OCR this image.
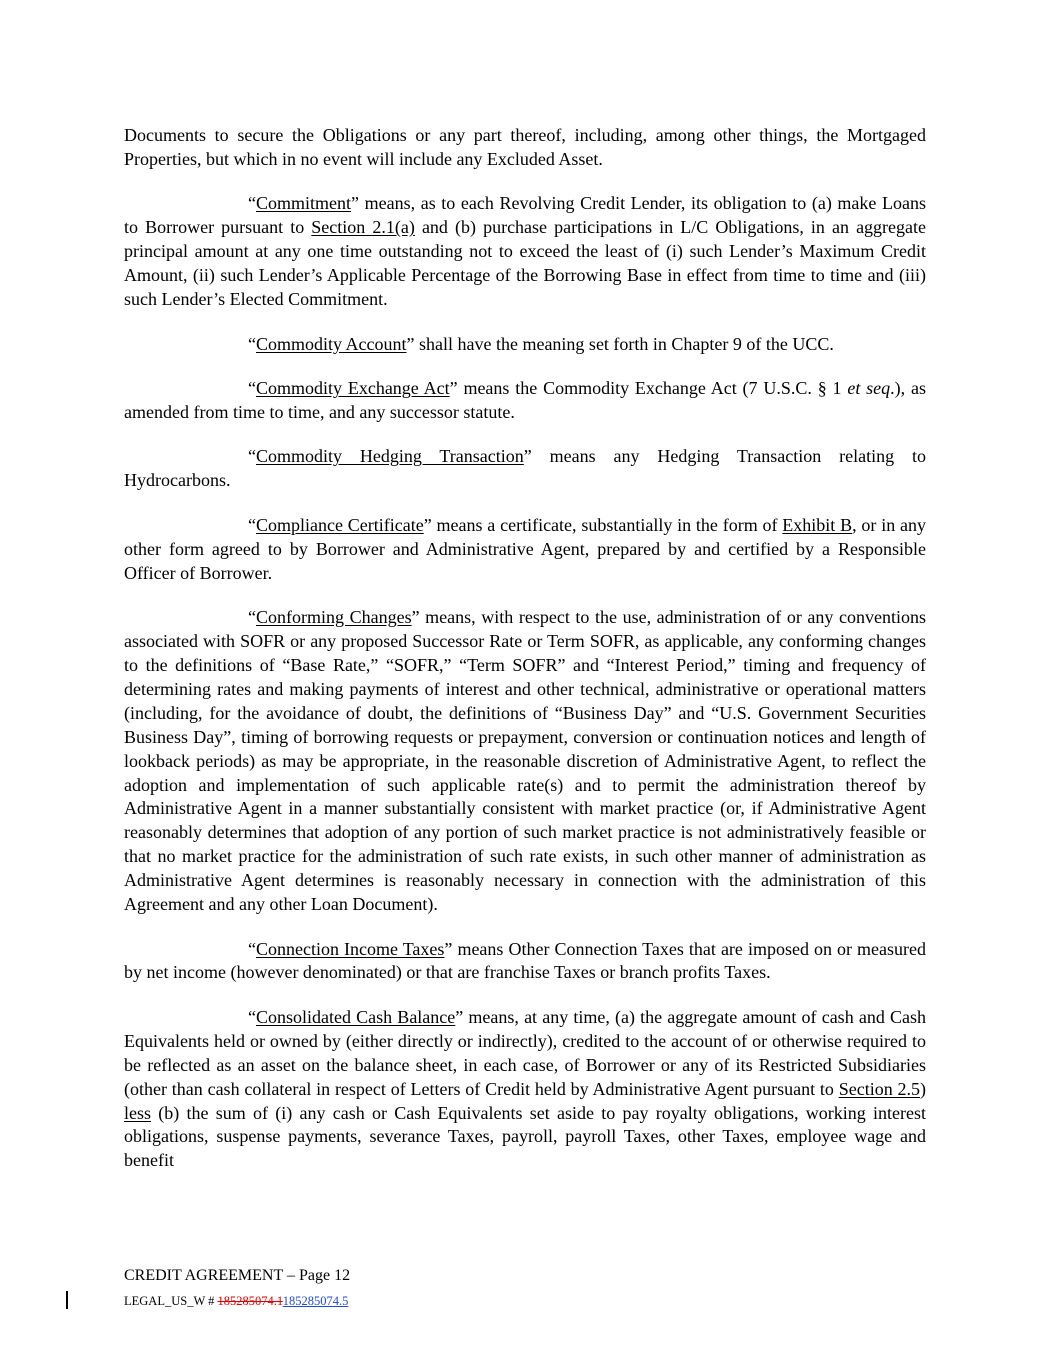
Documents to secure the Obligations or any part thereof, including, among other things, the Mortgaged Properties, but which in no event will include any Excluded Asset.

“Commitment” means, as to each Revolving Credit Lender, its obligation to (a) make Loans to Borrower pursuant to Section 2.1(a) and (b) purchase participations in L/C Obligations, in an aggregate principal amount at any one time outstanding not to exceed the least of (i) such Lender’s Maximum Credit Amount, (ii) such Lender’s Applicable Percentage of the Borrowing Base in effect from time to time and (iii) such Lender’s Elected Commitment.

“Commodity Account” shall have the meaning set forth in Chapter 9 of the UCC.

“Commodity Exchange Act” means the Commodity Exchange Act (7 U.S.C. § 1 et seq.), as amended from time to time, and any successor statute.

“Commodity Hedging Transaction” means any Hedging Transaction relating to Hydrocarbons.

“Compliance Certificate” means a certificate, substantially in the form of Exhibit B, or in any other form agreed to by Borrower and Administrative Agent, prepared by and certified by a Responsible Officer of Borrower.

“Conforming Changes” means, with respect to the use, administration of or any conventions associated with SOFR or any proposed Successor Rate or Term SOFR, as applicable, any conforming changes to the definitions of “Base Rate,” “SOFR,” “Term SOFR” and “Interest Period,” timing and frequency of determining rates and making payments of interest and other technical, administrative or operational matters (including, for the avoidance of doubt, the definitions of “Business Day” and “U.S. Government Securities Business Day”, timing of borrowing requests or prepayment, conversion or continuation notices and length of lookback periods) as may be appropriate, in the reasonable discretion of Administrative Agent, to reflect the adoption and implementation of such applicable rate(s) and to permit the administration thereof by Administrative Agent in a manner substantially consistent with market practice (or, if Administrative Agent reasonably determines that adoption of any portion of such market practice is not administratively feasible or that no market practice for the administration of such rate exists, in such other manner of administration as Administrative Agent determines is reasonably necessary in connection with the administration of this Agreement and any other Loan Document).

“Connection Income Taxes” means Other Connection Taxes that are imposed on or measured by net income (however denominated) or that are franchise Taxes or branch profits Taxes.

“Consolidated Cash Balance” means, at any time, (a) the aggregate amount of cash and Cash Equivalents held or owned by (either directly or indirectly), credited to the account of or otherwise required to be reflected as an asset on the balance sheet, in each case, of Borrower or any of its Restricted Subsidiaries (other than cash collateral in respect of Letters of Credit held by Administrative Agent pursuant to Section 2.5) less (b) the sum of (i) any cash or Cash Equivalents set aside to pay royalty obligations, working interest obligations, suspense payments, severance Taxes, payroll, payroll Taxes, other Taxes, employee wage and benefit

CREDIT AGREEMENT – Page 12
LEGAL_US_W # 185285074.1185285074.5
